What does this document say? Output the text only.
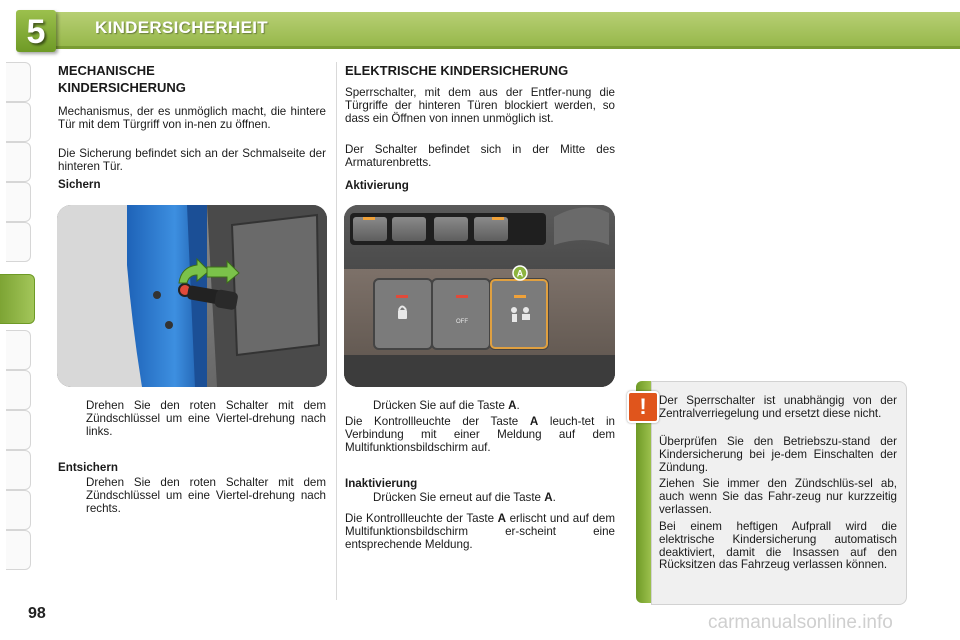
5	KINDERSICHERHEIT
MECHANISCHE
KINDERSICHERUNG
Mechanismus, der es unmöglich macht, die hintere Tür mit dem Türgriff von in-nen zu öffnen.
Die Sicherung befindet sich an der Schmalseite der hinteren Tür.
Sichern
Drehen Sie den roten Schalter mit dem Zündschlüssel um eine Viertel-drehung nach links.
Entsichern
Drehen Sie den roten Schalter mit dem Zündschlüssel um eine Viertel-drehung nach rechts.
ELEKTRISCHE KINDERSICHERUNG
Sperrschalter, mit dem aus der Entfer-nung die Türgriffe der hinteren Türen blockiert werden, so dass ein Öffnen von innen unmöglich ist.
Der Schalter befindet sich in der Mitte des Armaturenbretts.
Aktivierung
A
OFF
Drücken Sie auf die Taste A.
Die Kontrollleuchte der Taste A leuch-tet in Verbindung mit einer Meldung auf dem Multifunktionsbildschirm auf.
Inaktivierung
Drücken Sie erneut auf die Taste A.
Die Kontrollleuchte der Taste A erlischt und auf dem Multifunktionsbildschirm er-scheint eine entsprechende Meldung.
!	Der Sperrschalter ist unabhängig von der Zentralverriegelung und ersetzt diese nicht.
Überprüfen Sie den Betriebszu-stand der Kindersicherung bei je-dem Einschalten der Zündung.
Ziehen Sie immer den Zündschlüs-sel ab, auch wenn Sie das Fahr-zeug nur kurzzeitig verlassen.
Bei einem heftigen Aufprall wird die elektrische Kindersicherung automatisch deaktiviert, damit die Insassen auf den Rücksitzen das Fahrzeug verlassen können.
98	carmanualsonline.info
